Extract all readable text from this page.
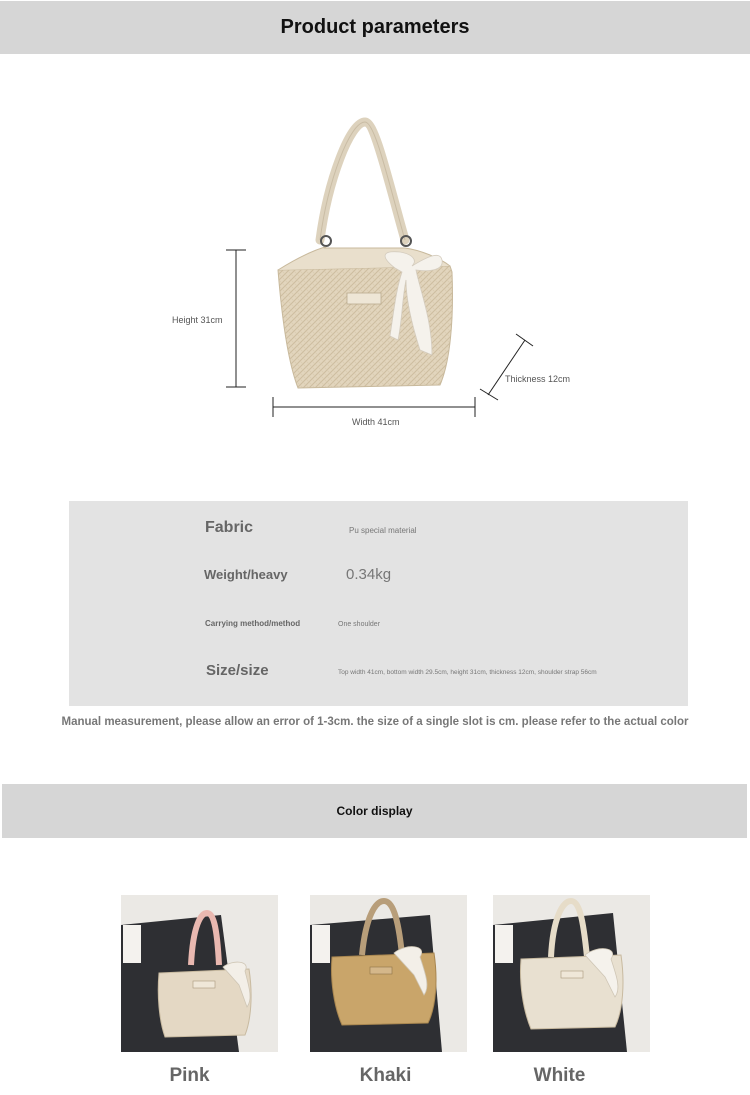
Product parameters
Height 31cm
Width 41cm
Thickness 12cm
Fabric	Pu special material
Weight/heavy	0.34kg
Carrying method/method	One shoulder
Size/size	Top width 41cm, bottom width 29.5cm, height 31cm, thickness 12cm, shoulder strap 56cm
Manual measurement, please allow an error of 1-3cm. the size of a single slot is cm. please refer to the actual color
Color display
Pink	Khaki	White
